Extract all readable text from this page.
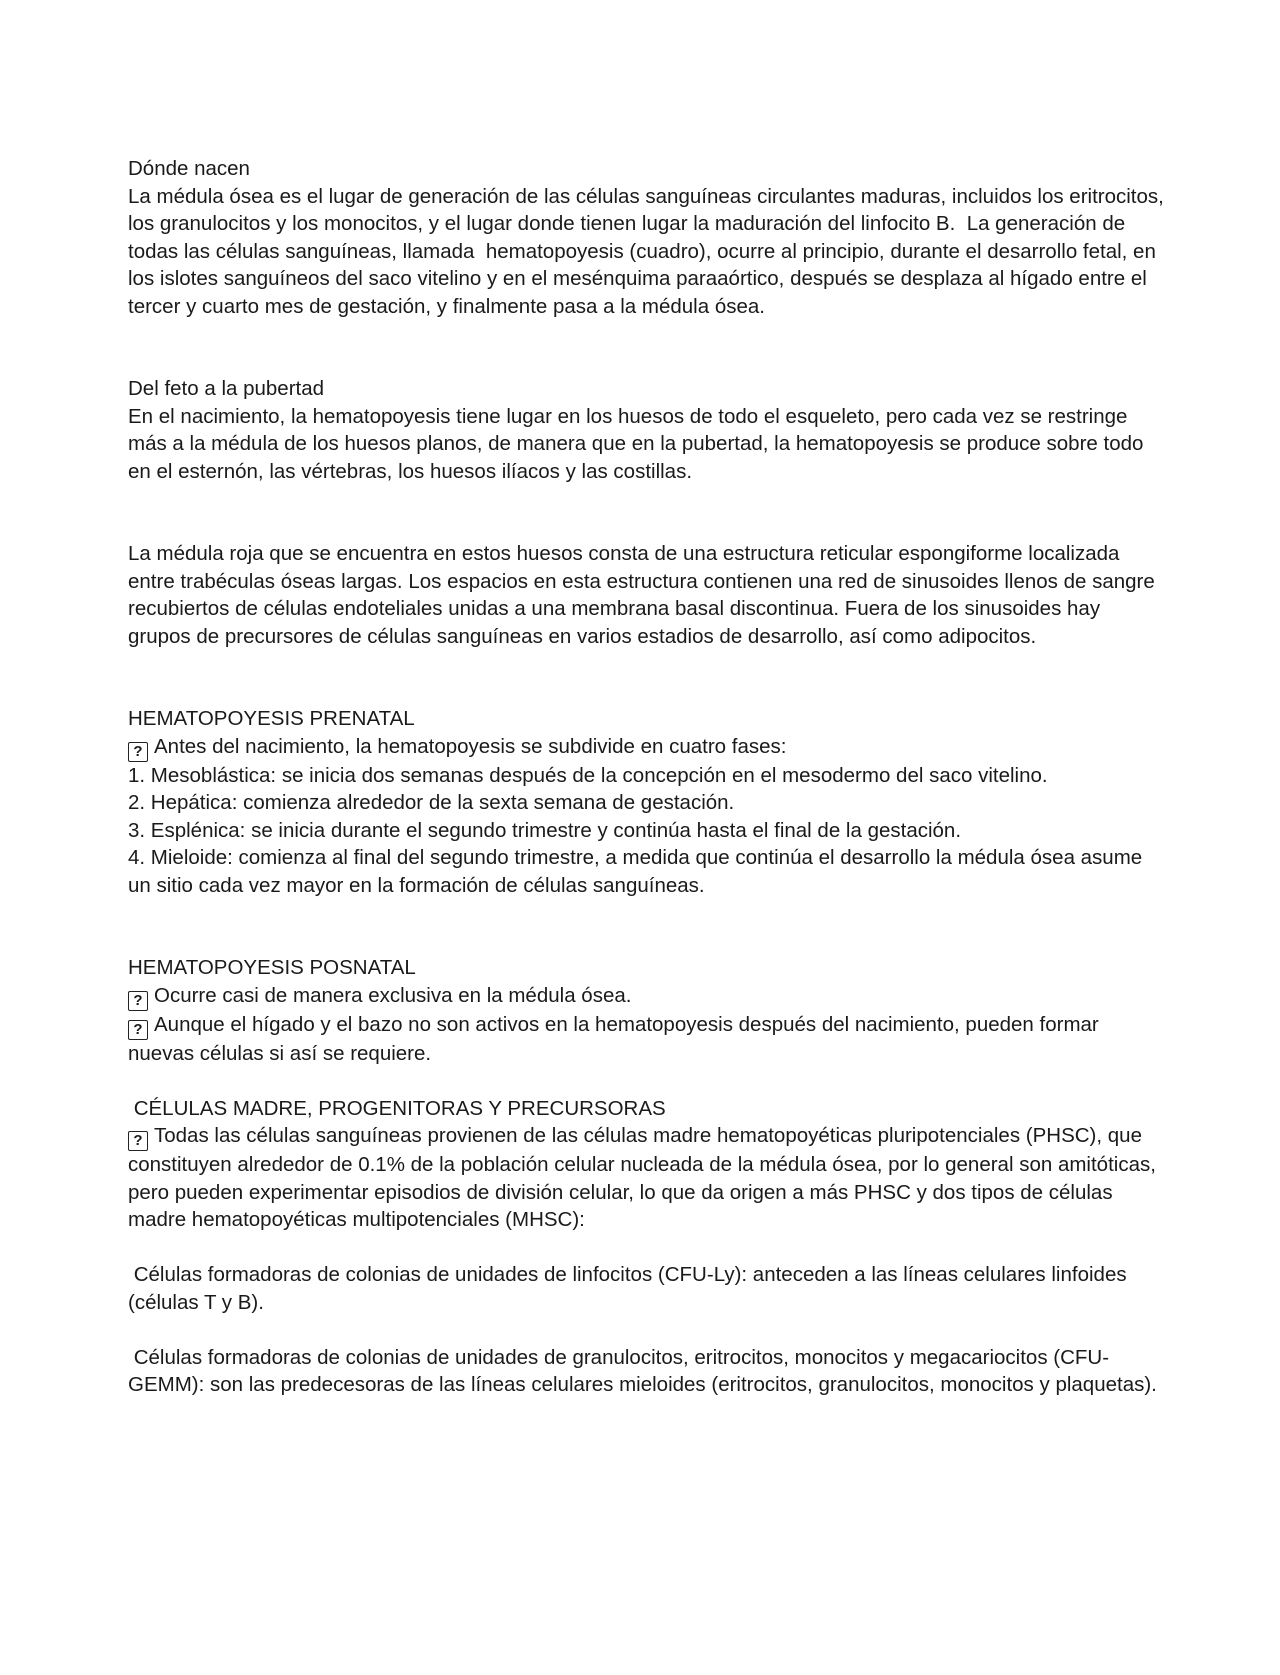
Dónde nacen

La médula ósea es el lugar de generación de las células sanguíneas circulantes maduras, incluidos los eritrocitos, los granulocitos y los monocitos, y el lugar donde tienen lugar la maduración del linfocito B.  La generación de todas las células sanguíneas, llamada  hematopoyesis (cuadro), ocurre al principio, durante el desarrollo fetal, en los islotes sanguíneos del saco vitelino y en el mesénquima paraaórtico, después se desplaza al hígado entre el tercer y cuarto mes de gestación, y finalmente pasa a la médula ósea.

Del feto a la pubertad

En el nacimiento, la hematopoyesis tiene lugar en los huesos de todo el esqueleto, pero cada vez se restringe más a la médula de los huesos planos, de manera que en la pubertad, la hematopoyesis se produce sobre todo en el esternón, las vértebras, los huesos ilíacos y las costillas.

La médula roja que se encuentra en estos huesos consta de una estructura reticular espongiforme localizada entre trabéculas óseas largas. Los espacios en esta estructura contienen una red de sinusoides llenos de sangre recubiertos de células endoteliales unidas a una membrana basal discontinua. Fuera de los sinusoides hay grupos de precursores de células sanguíneas en varios estadios de desarrollo, así como adipocitos.

HEMATOPOYESIS PRENATAL

? Antes del nacimiento, la hematopoyesis se subdivide en cuatro fases:

1. Mesoblástica: se inicia dos semanas después de la concepción en el mesodermo del saco vitelino.

2. Hepática: comienza alrededor de la sexta semana de gestación.

3. Esplénica: se inicia durante el segundo trimestre y continúa hasta el final de la gestación.

4. Mieloide: comienza al final del segundo trimestre, a medida que continúa el desarrollo la médula ósea asume un sitio cada vez mayor en la formación de células sanguíneas.

HEMATOPOYESIS POSNATAL

? Ocurre casi de manera exclusiva en la médula ósea.

? Aunque el hígado y el bazo no son activos en la hematopoyesis después del nacimiento, pueden formar nuevas células si así se requiere.

CÉLULAS MADRE, PROGENITORAS Y PRECURSORAS

? Todas las células sanguíneas provienen de las células madre hematopoyéticas pluripotenciales (PHSC), que constituyen alrededor de 0.1% de la población celular nucleada de la médula ósea, por lo general son amitóticas, pero pueden experimentar episodios de división celular, lo que da origen a más PHSC y dos tipos de células madre hematopoyéticas multipotenciales (MHSC):

Células formadoras de colonias de unidades de linfocitos (CFU-Ly): anteceden a las líneas celulares linfoides (células T y B).

Células formadoras de colonias de unidades de granulocitos, eritrocitos, monocitos y megacariocitos (CFU-GEMM): son las predecesoras de las líneas celulares mieloides (eritrocitos, granulocitos, monocitos y plaquetas).
